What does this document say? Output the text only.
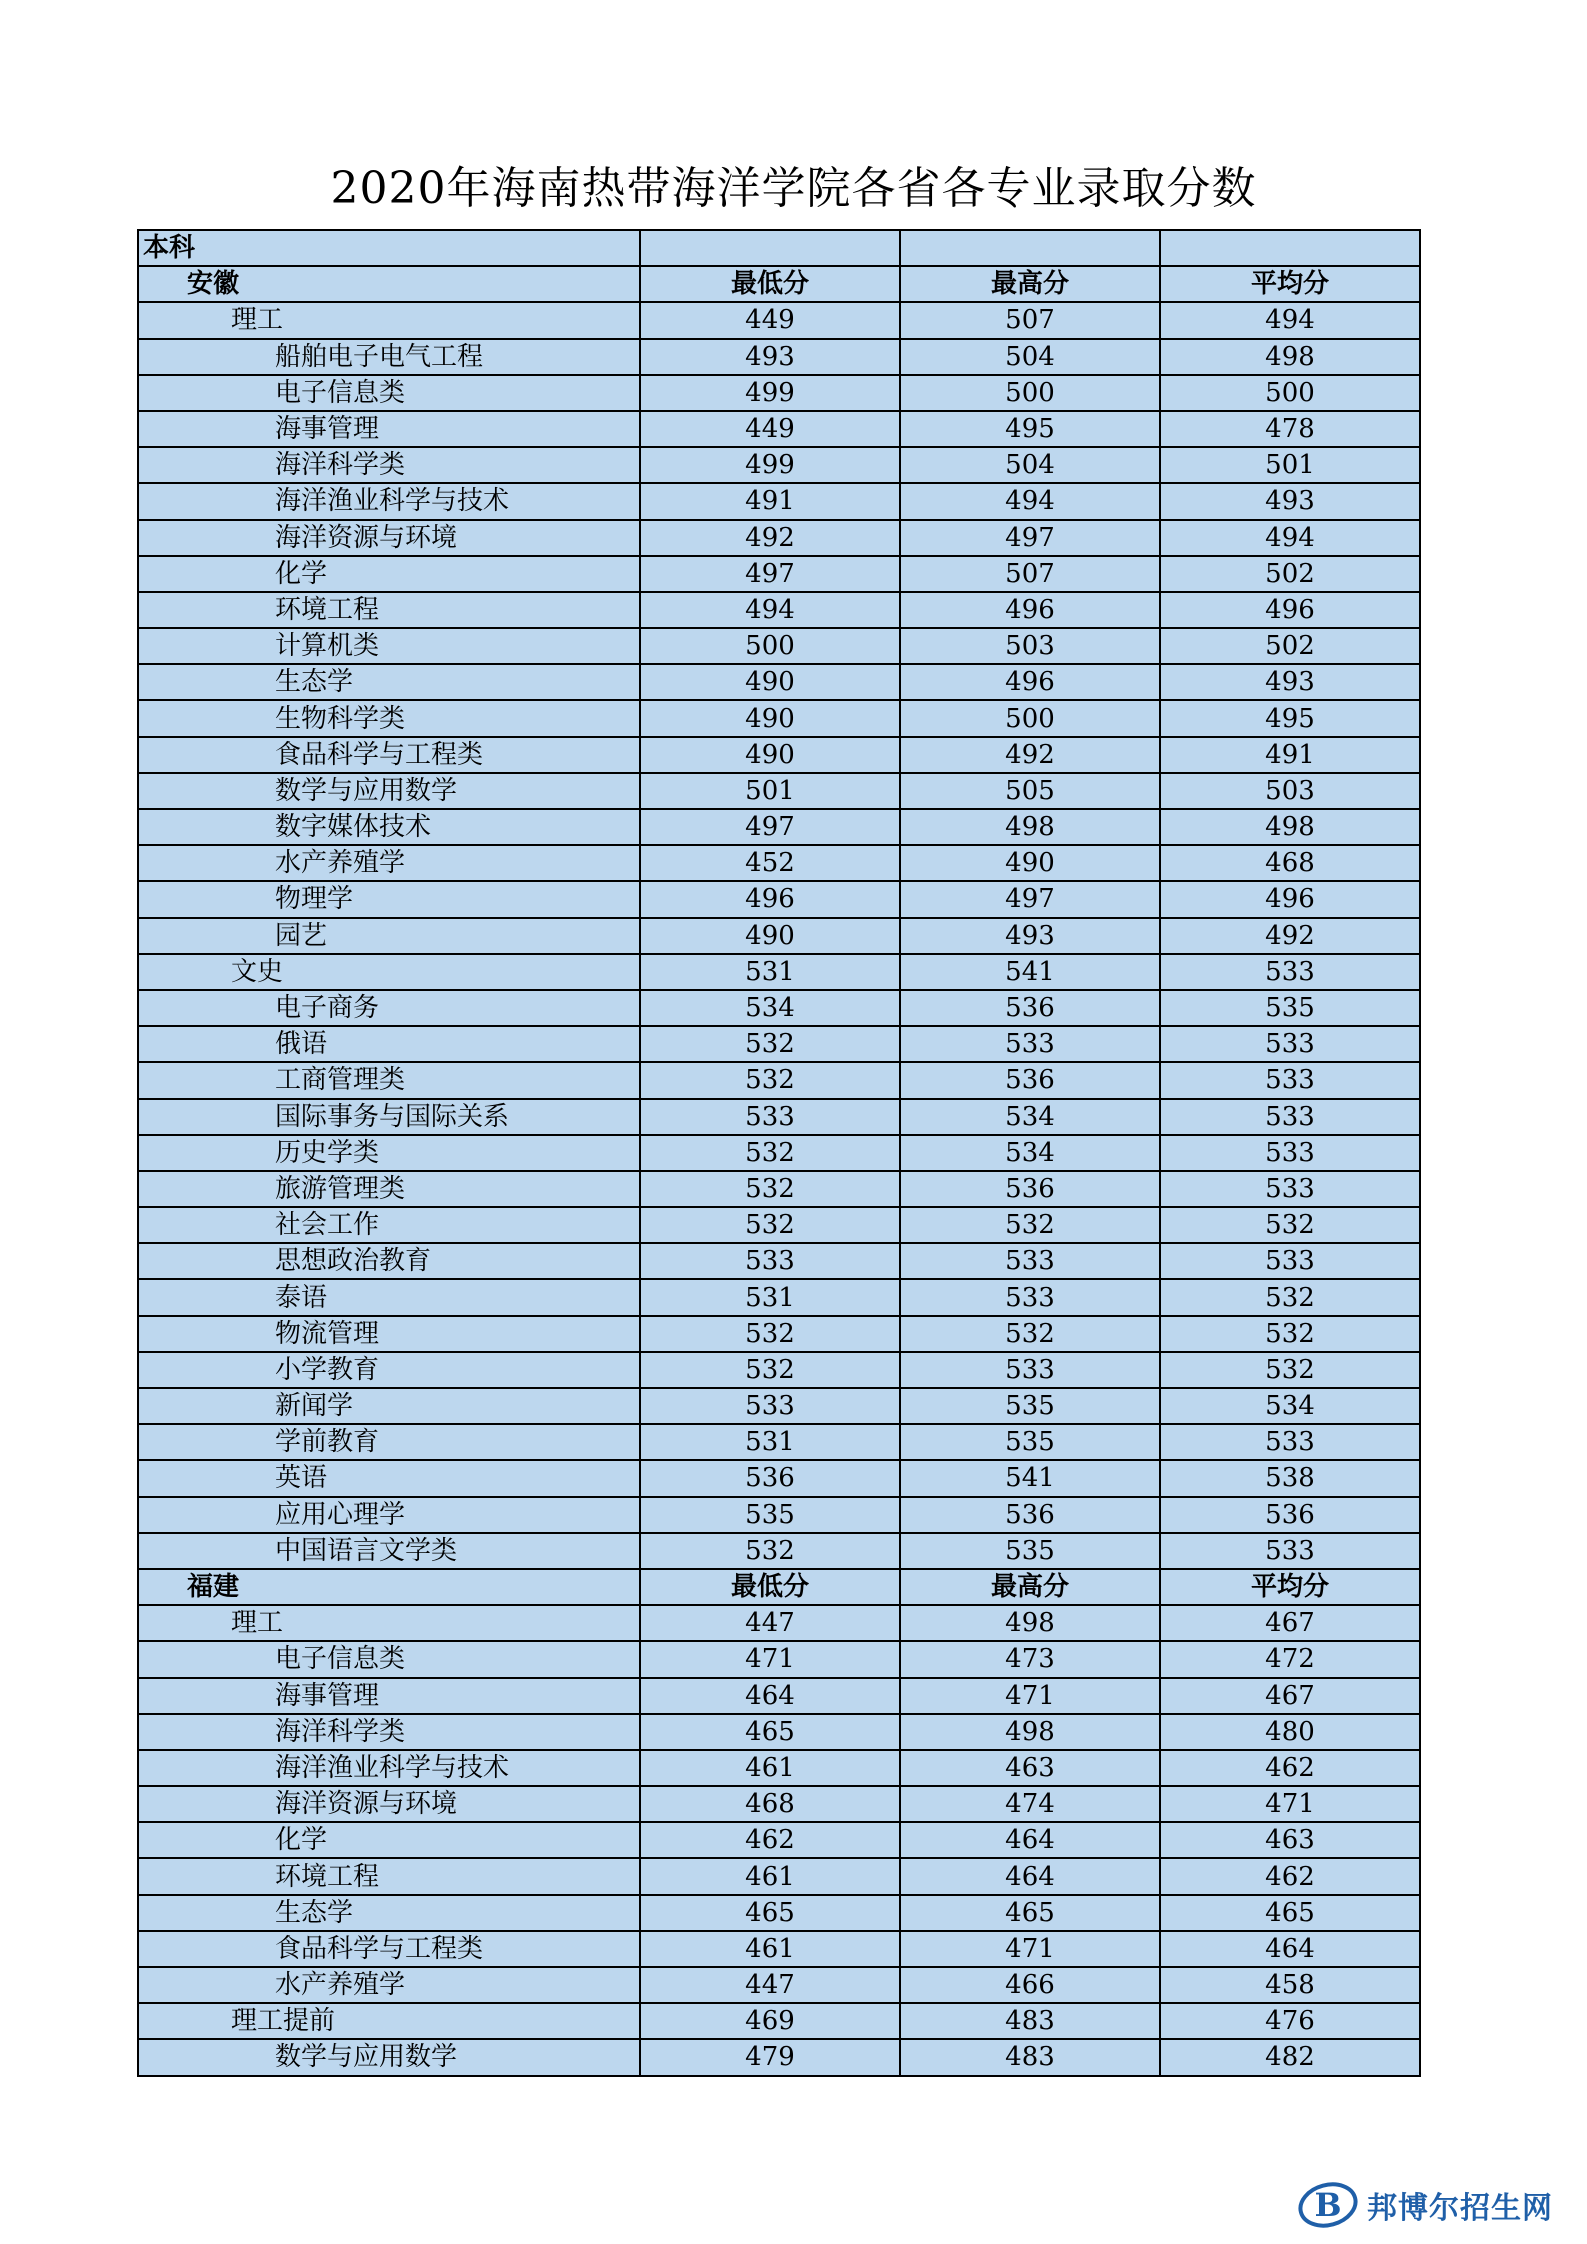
2020年海南热带海洋学院各省各专业录取分数
本科			
安徽	最低分	最高分	平均分
理工	449	507	494
船舶电子电气工程	493	504	498
电子信息类	499	500	500
海事管理	449	495	478
海洋科学类	499	504	501
海洋渔业科学与技术	491	494	493
海洋资源与环境	492	497	494
化学	497	507	502
环境工程	494	496	496
计算机类	500	503	502
生态学	490	496	493
生物科学类	490	500	495
食品科学与工程类	490	492	491
数学与应用数学	501	505	503
数字媒体技术	497	498	498
水产养殖学	452	490	468
物理学	496	497	496
园艺	490	493	492
文史	531	541	533
电子商务	534	536	535
俄语	532	533	533
工商管理类	532	536	533
国际事务与国际关系	533	534	533
历史学类	532	534	533
旅游管理类	532	536	533
社会工作	532	532	532
思想政治教育	533	533	533
泰语	531	533	532
物流管理	532	532	532
小学教育	532	533	532
新闻学	533	535	534
学前教育	531	535	533
英语	536	541	538
应用心理学	535	536	536
中国语言文学类	532	535	533
福建	最低分	最高分	平均分
理工	447	498	467
电子信息类	471	473	472
海事管理	464	471	467
海洋科学类	465	498	480
海洋渔业科学与技术	461	463	462
海洋资源与环境	468	474	471
化学	462	464	463
环境工程	461	464	462
生态学	465	465	465
食品科学与工程类	461	471	464
水产养殖学	447	466	458
理工提前	469	483	476
数学与应用数学	479	483	482
B 邦博尔招生网
